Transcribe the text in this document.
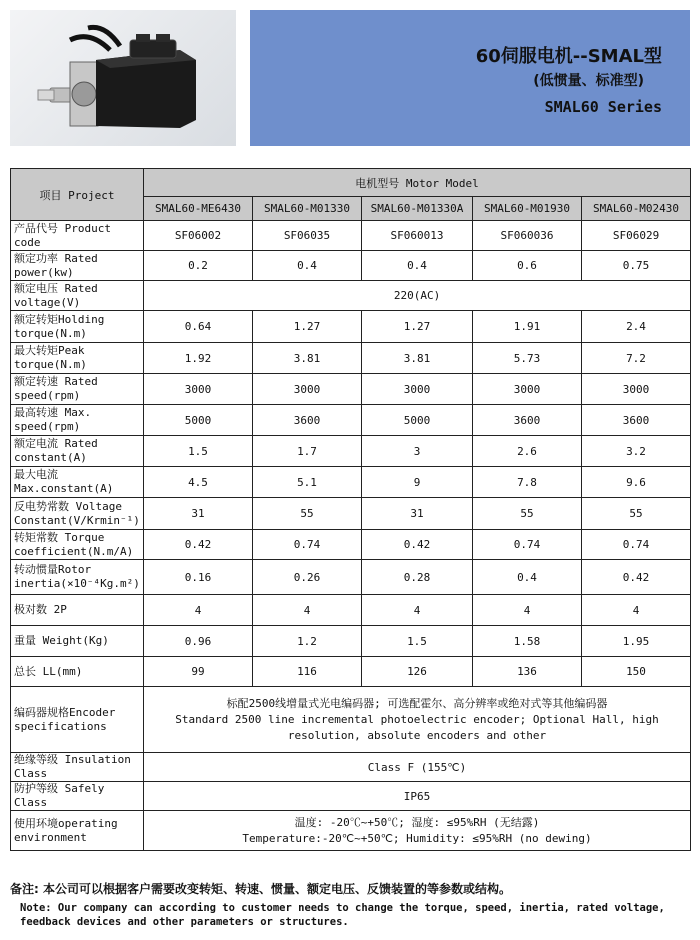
60伺服电机--SMAL型
(低惯量、标准型)
SMAL60 Series
项目 Project	电机型号 Motor Model				
	SMAL60-ME6430	SMAL60-M01330	SMAL60-M01330A	SMAL60-M01930	SMAL60-M02430
产品代号 Product code	SF06002	SF06035	SF060013	SF060036	SF06029
额定功率 Rated power(kw)	0.2	0.4	0.4	0.6	0.75
额定电压 Rated voltage(V)	220(AC)				
额定转矩Holding torque(N.m)	0.64	1.27	1.27	1.91	2.4
最大转矩Peak torque(N.m)	1.92	3.81	3.81	5.73	7.2
额定转速 Rated speed(rpm)	3000	3000	3000	3000	3000
最高转速 Max. speed(rpm)	5000	3600	5000	3600	3600
额定电流 Rated constant(A)	1.5	1.7	3	2.6	3.2
最大电流 Max.constant(A)	4.5	5.1	9	7.8	9.6
反电势常数 Voltage Constant(V/Krmin⁻¹)	31	55	31	55	55
转矩常数 Torque coefficient(N.m/A)	0.42	0.74	0.42	0.74	0.74
转动惯量Rotor inertia(×10⁻⁴Kg.m²)	0.16	0.26	0.28	0.4	0.42
极对数 2P	4	4	4	4	4
重量 Weight(Kg)	0.96	1.2	1.5	1.58	1.95
总长 LL(mm)	99	116	126	136	150
编码器规格Encoder specifications	标配2500线增量式光电编码器; 可选配霍尔、高分辨率或绝对式等其他编码器
Standard 2500 line incremental photoelectric encoder; Optional Hall, high resolution, absolute encoders and other				

绝缘等级 Insulation Class	Class F (155℃)				
防护等级 Safely Class	IP65				
使用环境operating environment	温度: -20℃~+50℃; 湿度: ≤95%RH (无结露)
Temperature:-20℃~+50℃; Humidity: ≤95%RH (no dewing)				

备注: 本公司可以根据客户需要改变转矩、转速、惯量、额定电压、反馈装置的等参数或结构。

Note: Our company can according to customer needs to change the torque, speed, inertia, rated voltage, feedback devices and other parameters or structures.
